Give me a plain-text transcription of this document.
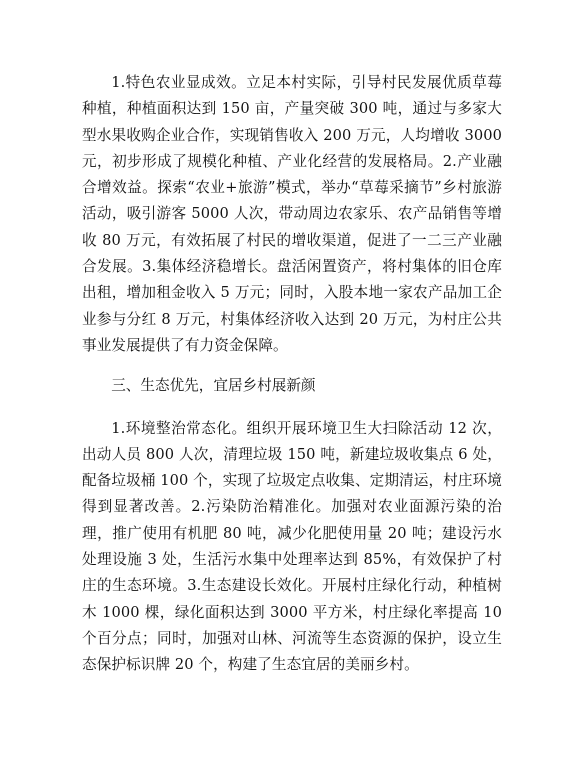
1.特色农业显成效。立足本村实际，引导村民发展优质草莓种植，种植面积达到 150 亩，产量突破 300 吨，通过与多家大型水果收购企业合作，实现销售收入 200 万元，人均增收 3000 元，初步形成了规模化种植、产业化经营的发展格局。2.产业融合增效益。探索“农业+旅游”模式，举办“草莓采摘节”乡村旅游活动，吸引游客 5000 人次，带动周边农家乐、农产品销售等增收 80 万元，有效拓展了村民的增收渠道，促进了一二三产业融合发展。3.集体经济稳增长。盘活闲置资产，将村集体的旧仓库出租，增加租金收入 5 万元；同时，入股本地一家农产品加工企业参与分红 8 万元，村集体经济收入达到 20 万元，为村庄公共事业发展提供了有力资金保障。

三、生态优先，宜居乡村展新颜

1.环境整治常态化。组织开展环境卫生大扫除活动 12 次，出动人员 800 人次，清理垃圾 150 吨，新建垃圾收集点 6 处，配备垃圾桶 100 个，实现了垃圾定点收集、定期清运，村庄环境得到显著改善。2.污染防治精准化。加强对农业面源污染的治理，推广使用有机肥 80 吨，减少化肥使用量 20 吨；建设污水处理设施 3 处，生活污水集中处理率达到 85%，有效保护了村庄的生态环境。3.生态建设长效化。开展村庄绿化行动，种植树木 1000 棵，绿化面积达到 3000 平方米，村庄绿化率提高 10 个百分点；同时，加强对山林、河流等生态资源的保护，设立生态保护标识牌 20 个，构建了生态宜居的美丽乡村。
